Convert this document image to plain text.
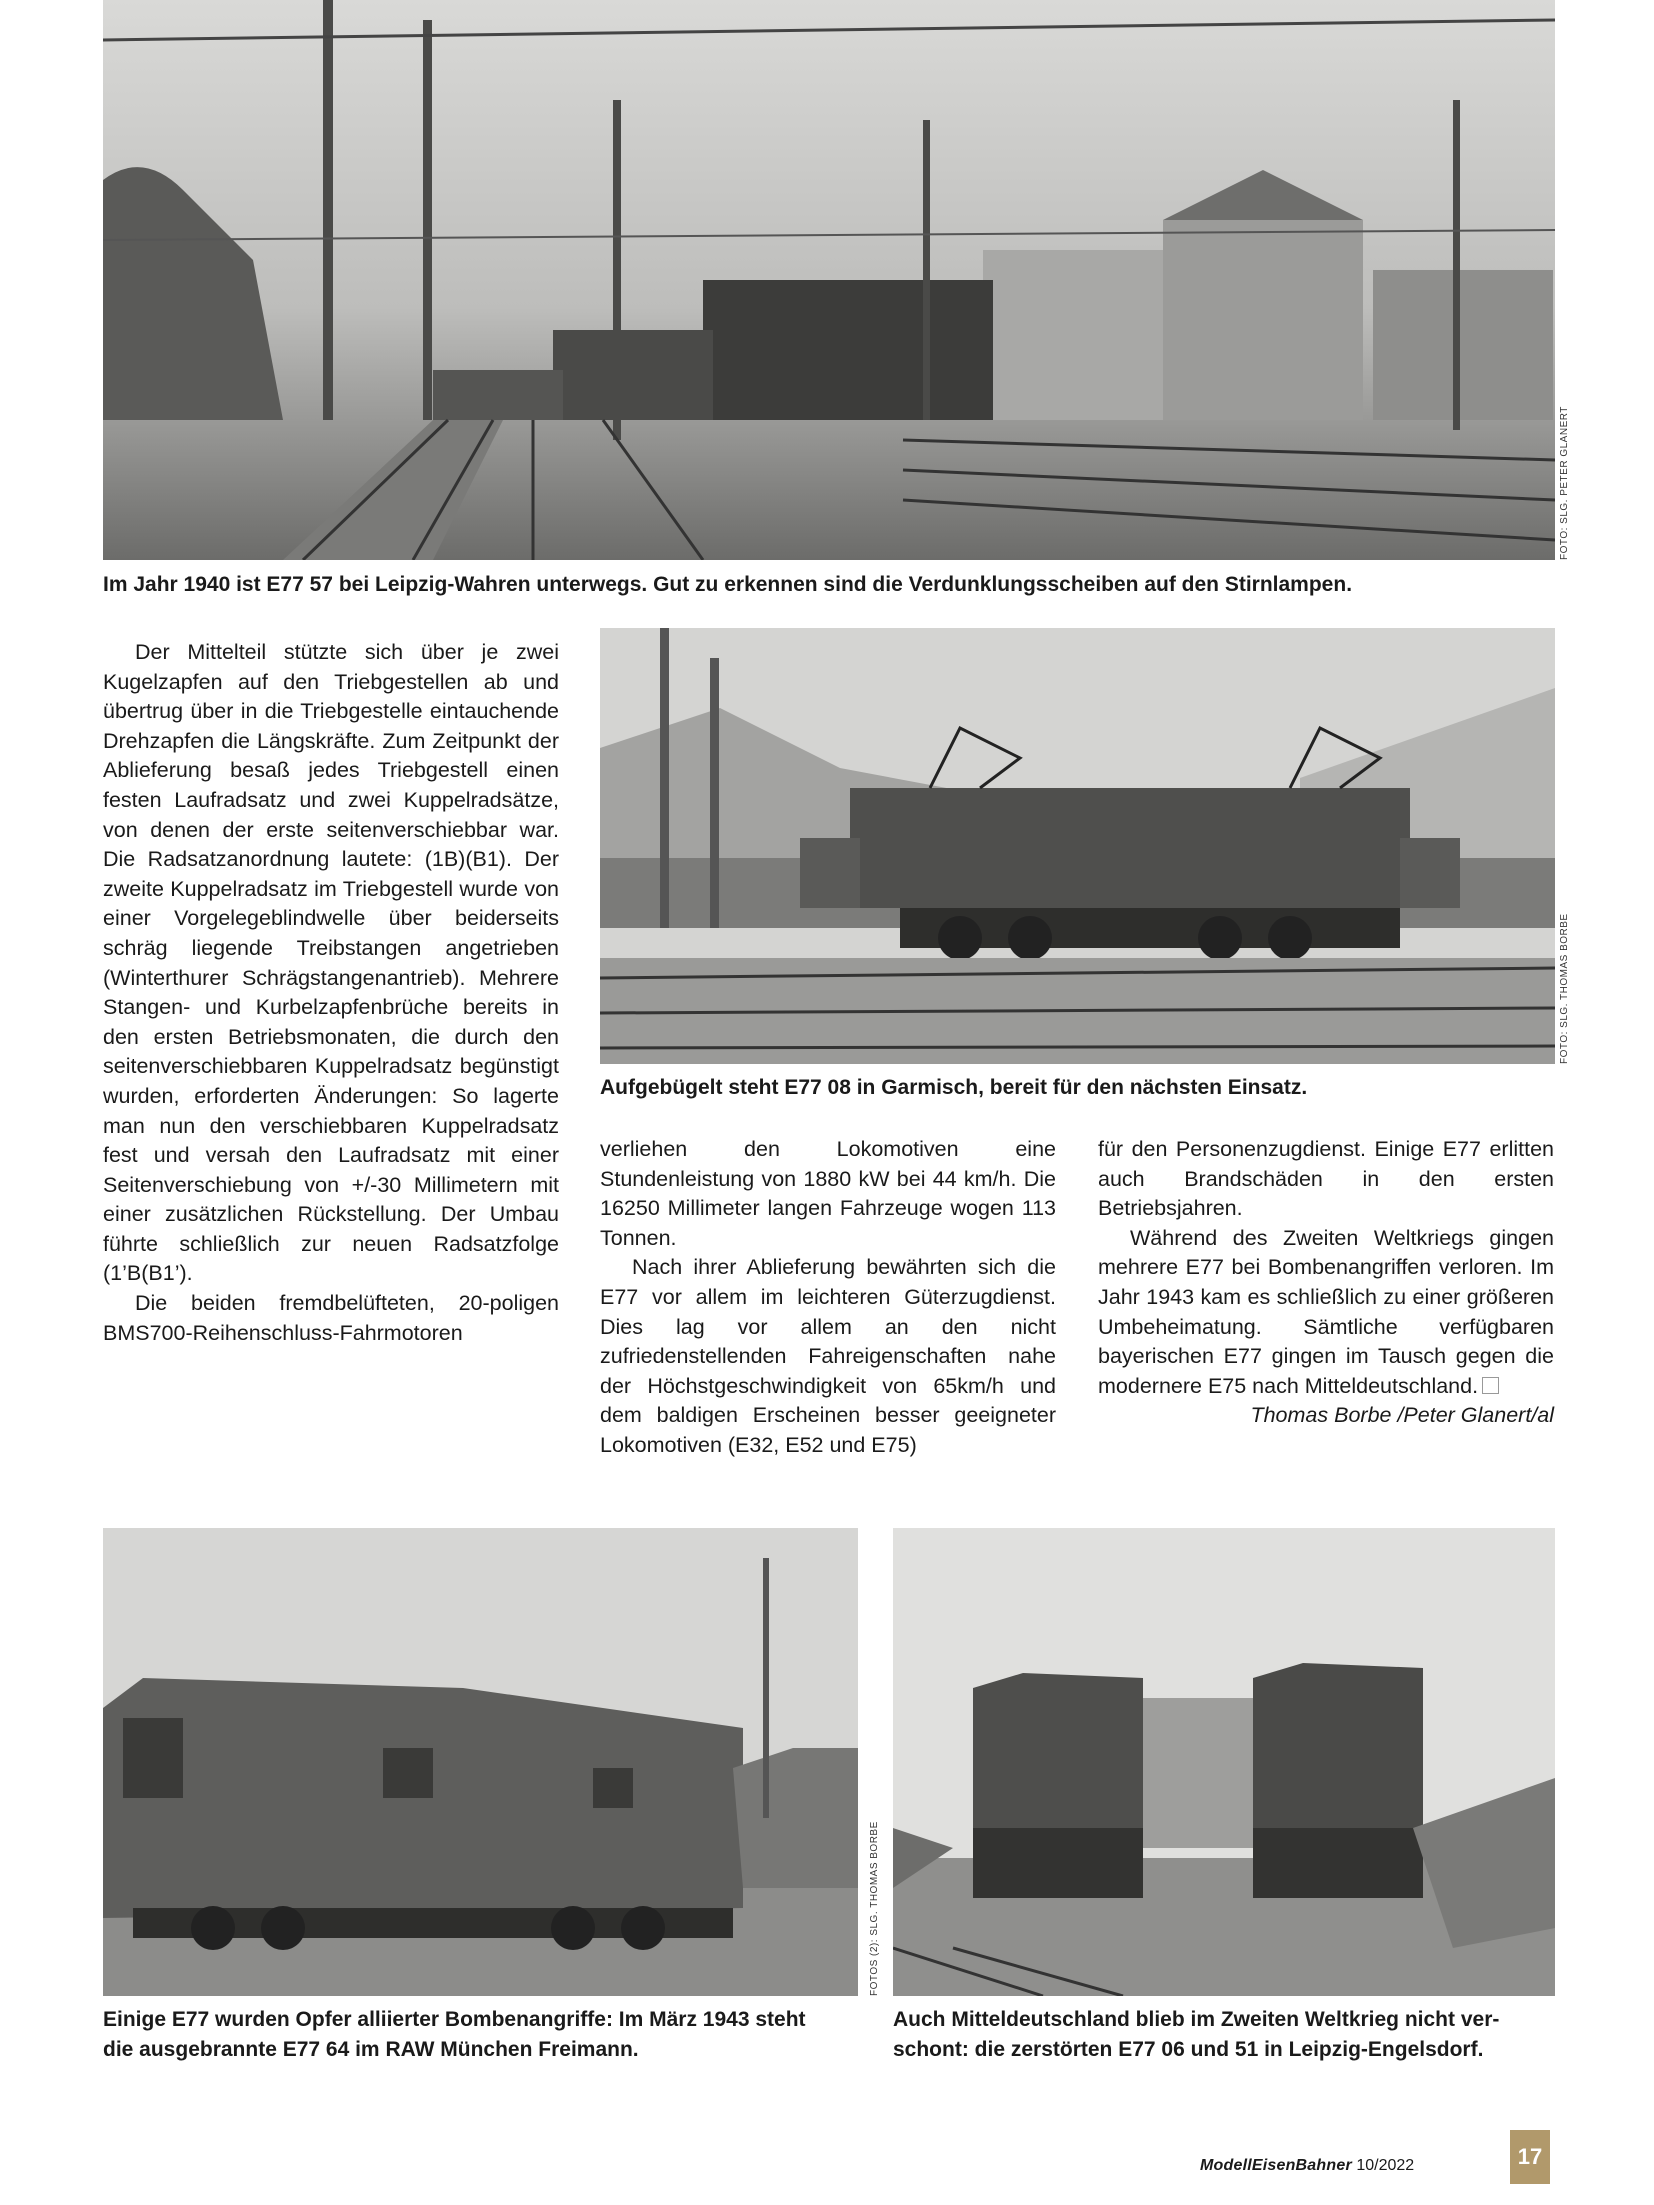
FOTO: SLG. PETER GLANERT
Im Jahr 1940 ist E77 57 bei Leipzig-Wahren unterwegs. Gut zu erkennen sind die Verdunklungsscheiben auf den Stirnlampen.
FOTO: SLG. THOMAS BORBE
Aufgebügelt steht E77 08 in Garmisch, bereit für den nächsten Einsatz.

Der Mittelteil stützte sich über je zwei Kugelzapfen auf den Triebgestellen ab und übertrug über in die Triebgestelle eintauchende Drehzapfen die Längskräfte. Zum Zeitpunkt der Ablieferung besaß jedes Triebgestell einen festen Laufradsatz und zwei Kuppelradsätze, von denen der erste seitenverschiebbar war. Die Radsatzanordnung lautete: (1B)(B1). Der zweite Kuppelradsatz im Triebgestell wurde von einer Vorgelegeblindwelle über beiderseits schräg liegende Treibstangen angetrieben (Winterthurer Schrägstangenantrieb). Mehrere Stangen- und Kurbelzapfenbrüche bereits in den ersten Betriebsmonaten, die durch den seitenverschiebbaren Kuppelradsatz begünstigt wurden, erforderten Änderungen: So lagerte man nun den verschiebbaren Kuppelradsatz fest und versah den Laufradsatz mit einer Seitenverschiebung von +/-30 Millimetern mit einer zusätzlichen Rückstellung. Der Umbau führte schließlich zur neuen Radsatzfolge (1’B(B1’).

Die beiden fremdbelüfteten, 20-poligen BMS700-Reihenschluss-Fahrmotoren

verliehen den Lokomotiven eine Stundenleistung von 1880 kW bei 44 km/h. Die 16250 Millimeter langen Fahrzeuge wogen 113 Tonnen.

Nach ihrer Ablieferung bewährten sich die E77 vor allem im leichteren Güterzugdienst. Dies lag vor allem an den nicht zufriedenstellenden Fahreigenschaften nahe der Höchstgeschwindigkeit von 65km/h und dem baldigen Erscheinen besser geeigneter Lokomotiven (E32, E52 und E75)

für den Personenzugdienst. Einige E77 erlitten auch Brandschäden in den ersten Betriebsjahren.

Während des Zweiten Weltkriegs gingen mehrere E77 bei Bombenangriffen verloren. Im Jahr 1943 kam es schließlich zu einer größeren Umbeheimatung. Sämtliche verfügbaren bayerischen E77 gingen im Tausch gegen die modernere E75 nach Mitteldeutschland.

Thomas Borbe /Peter Glanert/al

FOTOS (2): SLG. THOMAS BORBE
Einige E77 wurden Opfer alliierter Bombenangriffe: Im März 1943 steht
die ausgebrannte E77 64 im RAW München Freimann.
Auch Mitteldeutschland blieb im Zweiten Weltkrieg nicht ver-
schont: die zerstörten E77 06 und 51 in Leipzig-Engelsdorf.
ModellEisenBahner 10/2022	17
